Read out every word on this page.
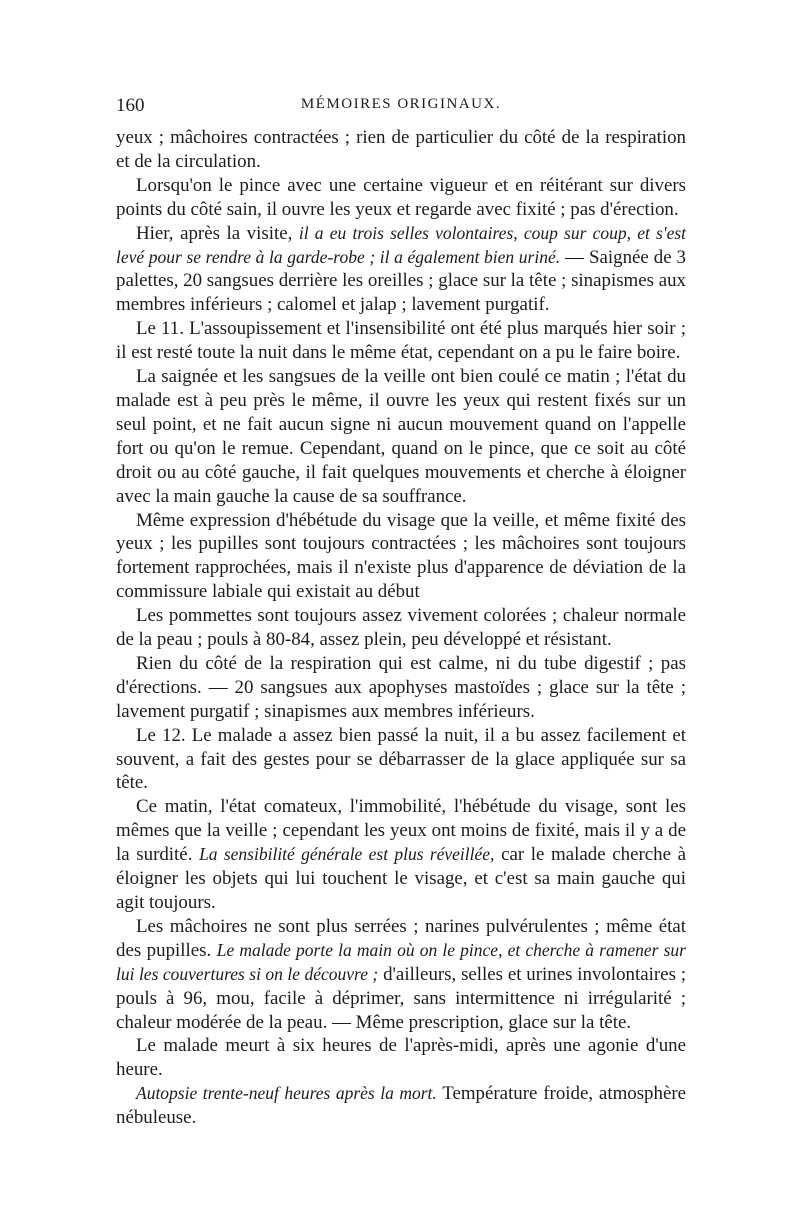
160	MÉMOIRES ORIGINAUX.

yeux ; mâchoires contractées ; rien de particulier du côté de la respiration et de la circulation.

Lorsqu'on le pince avec une certaine vigueur et en réitérant sur divers points du côté sain, il ouvre les yeux et regarde avec fixité ; pas d'érection.

Hier, après la visite, il a eu trois selles volontaires, coup sur coup, et s'est levé pour se rendre à la garde-robe ; il a également bien uriné. — Saignée de 3 palettes, 20 sangsues derrière les oreilles ; glace sur la tête ; sinapismes aux membres inférieurs ; calomel et jalap ; lavement purgatif.

Le 11. L'assoupissement et l'insensibilité ont été plus marqués hier soir ; il est resté toute la nuit dans le même état, cependant on a pu le faire boire.

La saignée et les sangsues de la veille ont bien coulé ce matin ; l'état du malade est à peu près le même, il ouvre les yeux qui restent fixés sur un seul point, et ne fait aucun signe ni aucun mouvement quand on l'appelle fort ou qu'on le remue. Cependant, quand on le pince, que ce soit au côté droit ou au côté gauche, il fait quelques mouvements et cherche à éloigner avec la main gauche la cause de sa souffrance.

Même expression d'hébétude du visage que la veille, et même fixité des yeux ; les pupilles sont toujours contractées ; les mâchoires sont toujours fortement rapprochées, mais il n'existe plus d'apparence de déviation de la commissure labiale qui existait au début

Les pommettes sont toujours assez vivement colorées ; chaleur normale de la peau ; pouls à 80-84, assez plein, peu développé et résistant.

Rien du côté de la respiration qui est calme, ni du tube digestif ; pas d'érections. — 20 sangsues aux apophyses mastoïdes ; glace sur la tête ; lavement purgatif ; sinapismes aux membres inférieurs.

Le 12. Le malade a assez bien passé la nuit, il a bu assez facilement et souvent, a fait des gestes pour se débarrasser de la glace appliquée sur sa tête.

Ce matin, l'état comateux, l'immobilité, l'hébétude du visage, sont les mêmes que la veille ; cependant les yeux ont moins de fixité, mais il y a de la surdité. La sensibilité générale est plus réveillée, car le malade cherche à éloigner les objets qui lui touchent le visage, et c'est sa main gauche qui agit toujours.

Les mâchoires ne sont plus serrées ; narines pulvérulentes ; même état des pupilles. Le malade porte la main où on le pince, et cherche à ramener sur lui les couvertures si on le découvre ; d'ailleurs, selles et urines involontaires ; pouls à 96, mou, facile à déprimer, sans intermittence ni irrégularité ; chaleur modérée de la peau. — Même prescription, glace sur la tête.

Le malade meurt à six heures de l'après-midi, après une agonie d'une heure.

Autopsie trente-neuf heures après la mort. Température froide, atmosphère nébuleuse.
